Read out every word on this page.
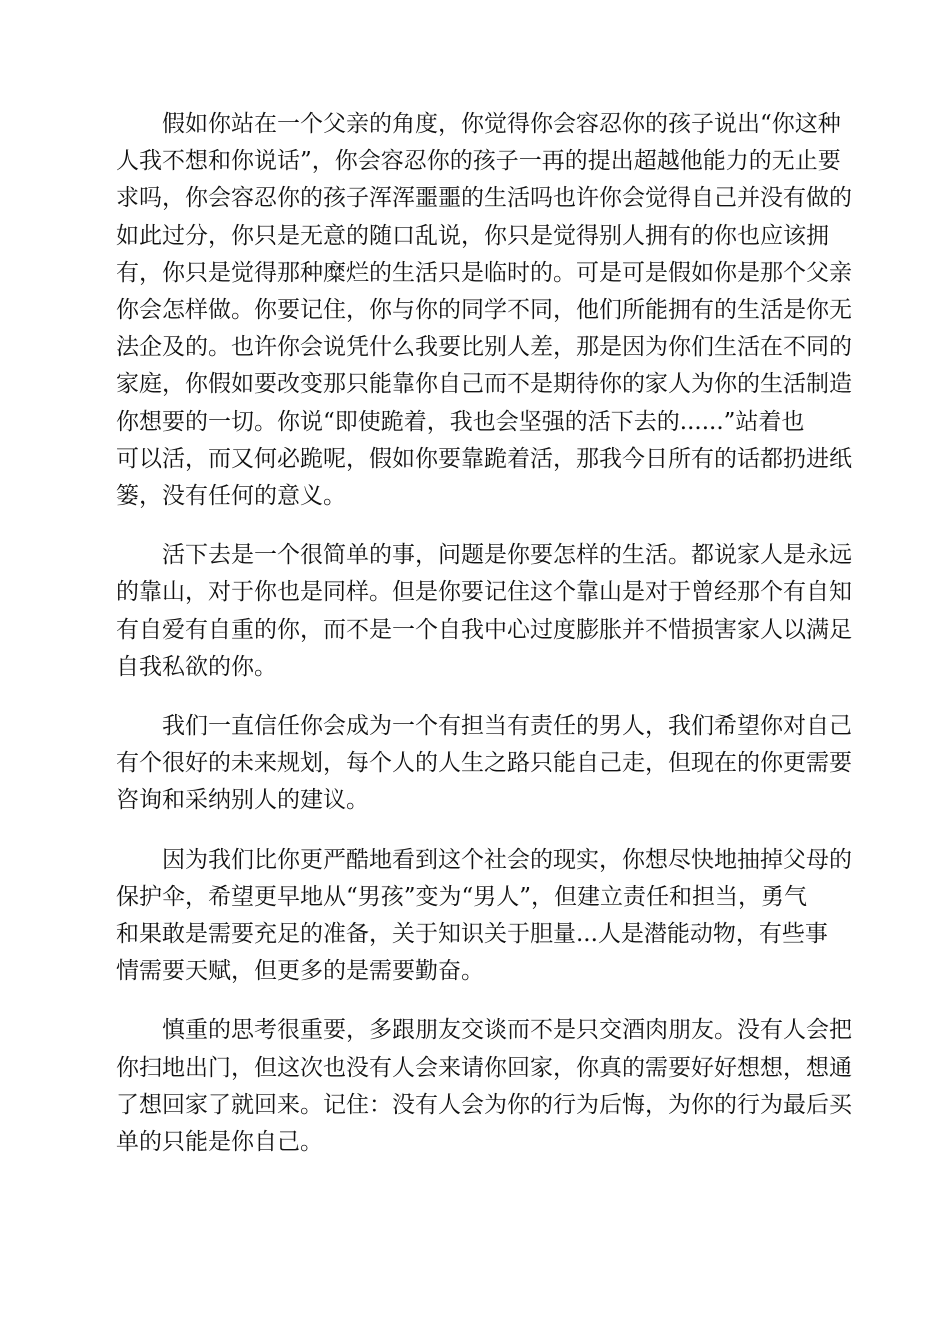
假如你站在一个父亲的角度，你觉得你会容忍你的孩子说出“你这种
人我不想和你说话”，你会容忍你的孩子一再的提出超越他能力的无止要
求吗，你会容忍你的孩子浑浑噩噩的生活吗也许你会觉得自己并没有做的
如此过分，你只是无意的随口乱说，你只是觉得别人拥有的你也应该拥
有，你只是觉得那种糜烂的生活只是临时的。可是可是假如你是那个父亲
你会怎样做。你要记住，你与你的同学不同，他们所能拥有的生活是你无
法企及的。也许你会说凭什么我要比别人差，那是因为你们生活在不同的
家庭，你假如要改变那只能靠你自己而不是期待你的家人为你的生活制造
你想要的一切。你说“即使跪着，我也会坚强的活下去的......”站着也
可以活，而又何必跪呢，假如你要靠跪着活，那我今日所有的话都扔进纸
篓，没有任何的意义。
活下去是一个很简单的事，问题是你要怎样的生活。都说家人是永远
的靠山，对于你也是同样。但是你要记住这个靠山是对于曾经那个有自知
有自爱有自重的你，而不是一个自我中心过度膨胀并不惜损害家人以满足
自我私欲的你。
我们一直信任你会成为一个有担当有责任的男人，我们希望你对自己
有个很好的未来规划，每个人的人生之路只能自己走，但现在的你更需要
咨询和采纳别人的建议。
因为我们比你更严酷地看到这个社会的现实，你想尽快地抽掉父母的
保护伞，希望更早地从“男孩”变为“男人”，但建立责任和担当，勇气
和果敢是需要充足的准备，关于知识关于胆量...人是潜能动物，有些事
情需要天赋，但更多的是需要勤奋。
慎重的思考很重要，多跟朋友交谈而不是只交酒肉朋友。没有人会把
你扫地出门，但这次也没有人会来请你回家，你真的需要好好想想，想通
了想回家了就回来。记住：没有人会为你的行为后悔，为你的行为最后买
单的只能是你自己。
